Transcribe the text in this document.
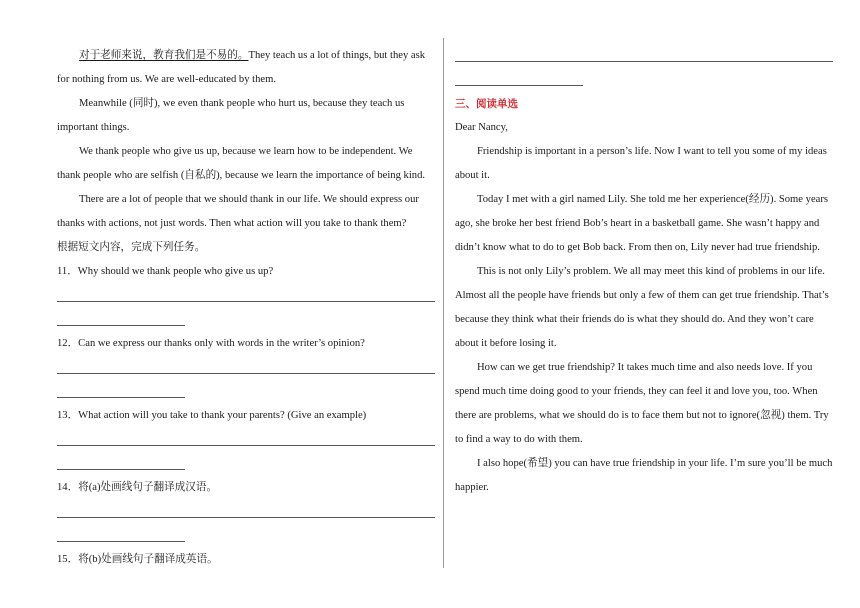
对于老师来说，教育我们是不易的。They teach us a lot of things, but they ask for nothing from us. We are well-educated by them.

Meanwhile (同时), we even thank people who hurt us, because they teach us important things.

We thank people who give us up, because we learn how to be independent. We thank people who are selfish (自私的), because we learn the importance of being kind.

There are a lot of people that we should thank in our life. We should express our thanks with actions, not just words. Then what action will you take to thank them?

根据短文内容，完成下列任务。

11．Why should we thank people who give us up?

12．Can we express our thanks only with words in the writer’s opinion?

13．What action will you take to thank your parents? (Give an example)

14．将(a)处画线句子翻译成汉语。

15．将(b)处画线句子翻译成英语。

三、阅读单选

Dear Nancy,

Friendship is important in a person’s life. Now I want to tell you some of my ideas about it.

Today I met with a girl named Lily. She told me her experience(经历). Some years ago, she broke her best friend Bob’s heart in a basketball game. She wasn’t happy and didn’t know what to do to get Bob back. From then on, Lily never had true friendship.

This is not only Lily’s problem. We all may meet this kind of problems in our life. Almost all the people have friends but only a few of them can get true friendship. That’s because they think what their friends do is what they should do. And they won’t care about it before losing it.

How can we get true friendship? It takes much time and also needs love. If you spend much time doing good to your friends, they can feel it and love you, too. When there are problems, what we should do is to face them but not to ignore(忽视) them. Try to find a way to do with them.

I also hope(希望) you can have true friendship in your life. I’m sure you’ll be much happier.
